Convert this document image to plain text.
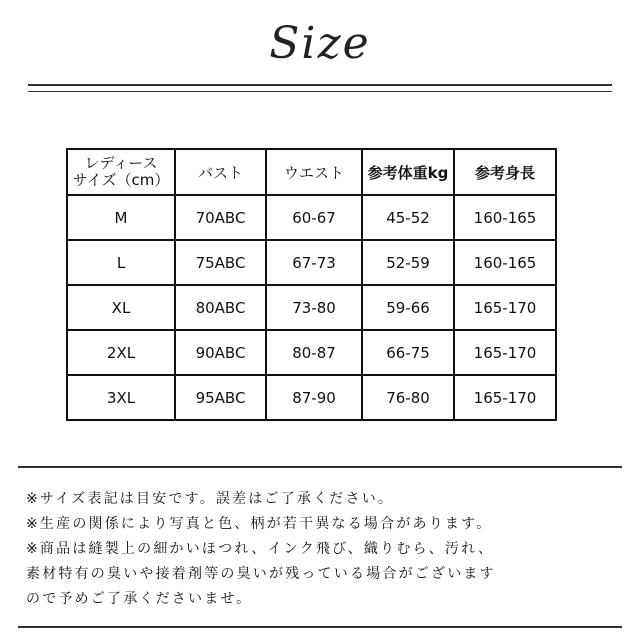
Size
レディース
サイズ（cm）	バスト	ウエスト	参考体重kg	参考身長
M	70ABC	60-67	45-52	160-165
L	75ABC	67-73	52-59	160-165
XL	80ABC	73-80	59-66	165-170
2XL	90ABC	80-87	66-75	165-170
3XL	95ABC	87-90	76-80	165-170
※サイズ表記は目安です。誤差はご了承ください。
※生産の関係により写真と色、柄が若干異なる場合があります。
※商品は縫製上の細かいほつれ、インク飛び、織りむら、汚れ、
素材特有の臭いや接着剤等の臭いが残っている場合がございます
ので予めご了承くださいませ。
